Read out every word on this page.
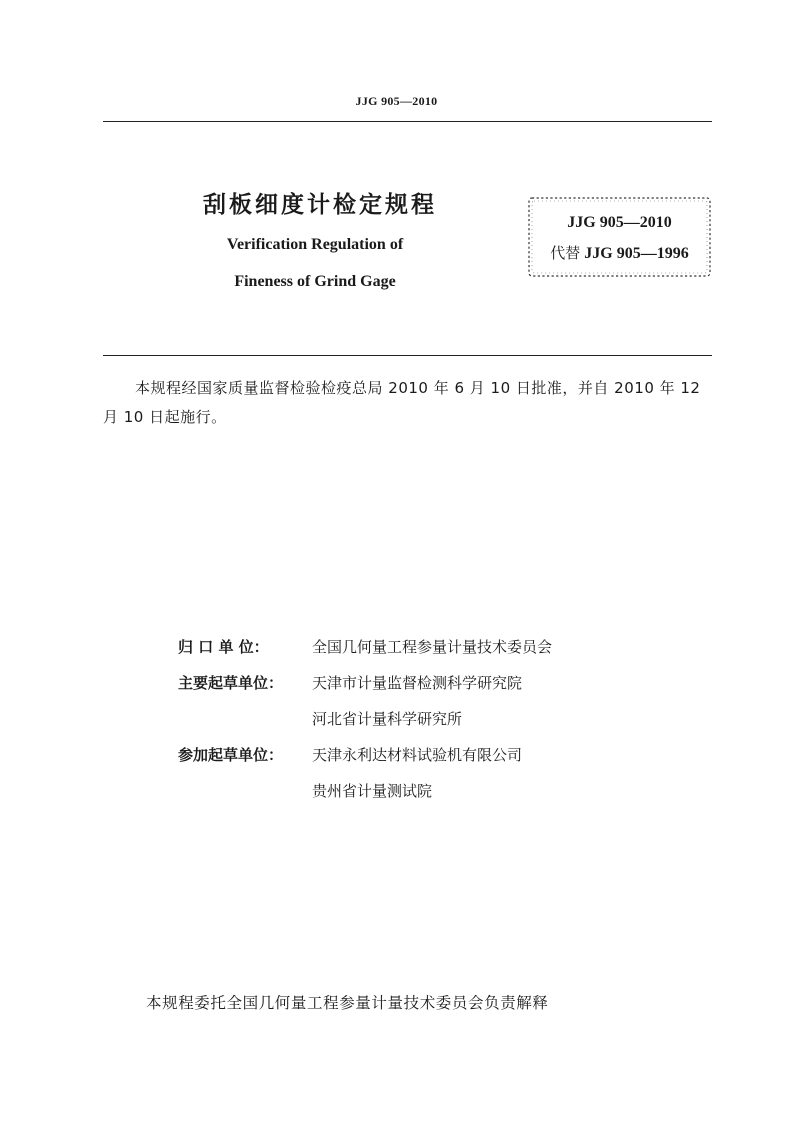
JJG 905—2010
刮板细度计检定规程
Verification Regulation of
Fineness of Grind Gage
JJG 905—2010
代替 JJG 905—1996
本规程经国家质量监督检验检疫总局 2010 年 6 月 10 日批准，并自 2010 年 12 月 10 日起施行。
归 口 单 位：	全国几何量工程参量计量技术委员会
主要起草单位：	天津市计量监督检测科学研究院
河北省计量科学研究所
参加起草单位：	天津永利达材料试验机有限公司
贵州省计量测试院
本规程委托全国几何量工程参量计量技术委员会负责解释
